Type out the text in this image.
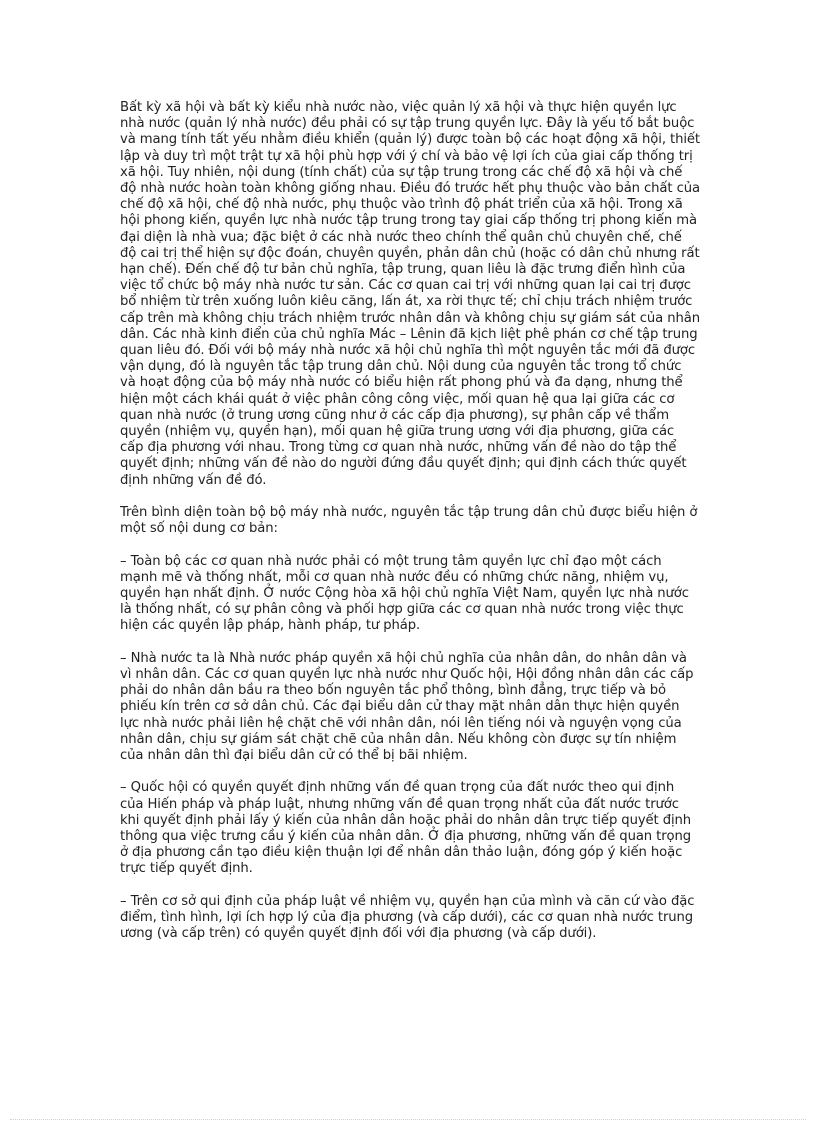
Bất kỳ xã hội và bất kỳ kiểu nhà nước nào, việc quản lý xã hội và thực hiện quyền lực nhà nước (quản lý nhà nước) đều phải có sự tập trung quyền lực. Đây là yếu tố bắt buộc và mang tính tất yếu nhằm điều khiển (quản lý) được toàn bộ các hoạt động xã hội, thiết lập và duy trì một trật tự xã hội phù hợp với ý chí và bảo vệ lợi ích của giai cấp thống trị xã hội. Tuy nhiên, nội dung (tính chất) của sự tập trung trong các chế độ xã hội và chế độ nhà nước hoàn toàn không giống nhau. Điều đó trước hết phụ thuộc vào bản chất của chế độ xã hội, chế độ nhà nước, phụ thuộc vào trình độ phát triển của xã hội. Trong xã hội phong kiến, quyền lực nhà nước tập trung trong tay giai cấp thống trị phong kiến mà đại diện là nhà vua; đặc biệt ở các nhà nước theo chính thể quân chủ chuyên chế, chế độ cai trị thể hiện sự độc đoán, chuyên quyền, phản dân chủ (hoặc có dân chủ nhưng rất hạn chế). Đến chế độ tư bản chủ nghĩa, tập trung, quan liêu là đặc trưng điển hình của việc tổ chức bộ máy nhà nước tư sản. Các cơ quan cai trị với những quan lại cai trị được bổ nhiệm từ trên xuống luôn kiêu căng, lấn át, xa rời thực tế; chỉ chịu trách nhiệm trước cấp trên mà không chịu trách nhiệm trước nhân dân và không chịu sự giám sát của nhân dân. Các nhà kinh điển của chủ nghĩa Mác – Lênin đã kịch liệt phê phán cơ chế tập trung quan liêu đó. Đối với bộ máy nhà nước xã hội chủ nghĩa thì một nguyên tắc mới đã được vận dụng, đó là nguyên tắc tập trung dân chủ. Nội dung của nguyên tắc trong tổ chức và hoạt động của bộ máy nhà nước có biểu hiện rất phong phú và đa dạng, nhưng thể hiện một cách khái quát ở việc phân công công việc, mối quan hệ qua lại giữa các cơ quan nhà nước (ở trung ương cũng như ở các cấp địa phương), sự phân cấp về thẩm quyền (nhiệm vụ, quyền hạn), mối quan hệ giữa trung ương với địa phương, giữa các cấp địa phương với nhau. Trong từng cơ quan nhà nước, những vấn đề nào do tập thể quyết định; những vấn đề nào do người đứng đầu quyết định; qui định cách thức quyết định những vấn đề đó.

Trên bình diện toàn bộ bộ máy nhà nước, nguyên tắc tập trung dân chủ được biểu hiện ở một số nội dung cơ bản:

– Toàn bộ các cơ quan nhà nước phải có một trung tâm quyền lực chỉ đạo một cách mạnh mẽ và thống nhất, mỗi cơ quan nhà nước đều có những chức năng, nhiệm vụ, quyền hạn nhất định. Ở nước Cộng hòa xã hội chủ nghĩa Việt Nam, quyền lực nhà nước là thống nhất, có sự phân công và phối hợp giữa các cơ quan nhà nước trong việc thực hiện các quyền lập pháp, hành pháp, tư pháp.

– Nhà nước ta là Nhà nước pháp quyền xã hội chủ nghĩa của nhân dân, do nhân dân và vì nhân dân. Các cơ quan quyền lực nhà nước như Quốc hội, Hội đồng nhân dân các cấp phải do nhân dân bầu ra theo bốn nguyên tắc phổ thông, bình đẳng, trực tiếp và bỏ phiếu kín trên cơ sở dân chủ. Các đại biểu dân cử thay mặt nhân dân thực hiện quyền lực nhà nước phải liên hệ chặt chẽ với nhân dân, nói lên tiếng nói và nguyện vọng của nhân dân, chịu sự giám sát chặt chẽ của nhân dân. Nếu không còn được sự tín nhiệm của nhân dân thì đại biểu dân cử có thể bị bãi nhiệm.

– Quốc hội có quyền quyết định những vấn đề quan trọng của đất nước theo qui định của Hiến pháp và pháp luật, nhưng những vấn đề quan trọng nhất của đất nước trước khi quyết định phải lấy ý kiến của nhân dân hoặc phải do nhân dân trực tiếp quyết định thông qua việc trưng cầu ý kiến của nhân dân. Ở địa phương, những vấn đề quan trọng ở địa phương cần tạo điều kiện thuận lợi để nhân dân thảo luận, đóng góp ý kiến hoặc trực tiếp quyết định.

– Trên cơ sở qui định của pháp luật về nhiệm vụ, quyền hạn của mình và căn cứ vào đặc điểm, tình hình, lợi ích hợp lý của địa phương (và cấp dưới), các cơ quan nhà nước trung ương (và cấp trên) có quyền quyết định đối với địa phương (và cấp dưới).
